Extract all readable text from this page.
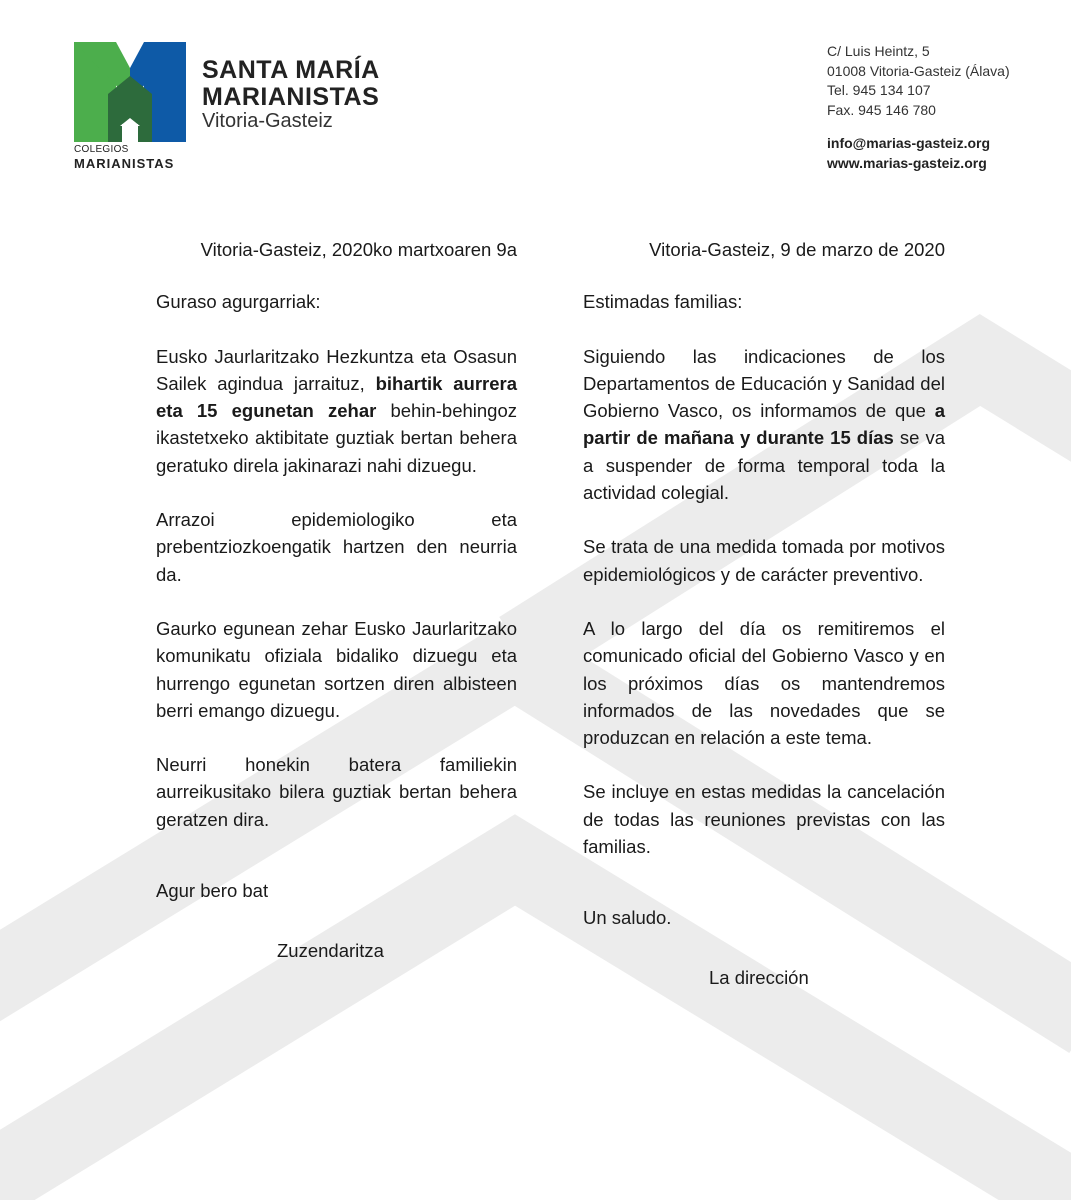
COLEGIOS
MARIANISTAS
SANTA MARÍA
MARIANISTAS
Vitoria-Gasteiz
C/ Luis Heintz, 5
01008 Vitoria-Gasteiz (Álava)
Tel. 945 134 107
Fax. 945 146 780
info@marias-gasteiz.org
www.marias-gasteiz.org
Vitoria-Gasteiz, 2020ko martxoaren 9a
Guraso agurgarriak:
Eusko Jaurlaritzako Hezkuntza eta Osasun Sailek agindua jarraituz, bihartik aurrera eta 15 egunetan zehar behin-behingoz ikastetxeko aktibitate guztiak bertan behera geratuko direla jakinarazi nahi dizuegu.
Arrazoi epidemiologiko eta prebentziozkoengatik hartzen den neurria da.
Gaurko egunean zehar Eusko Jaurlaritzako komunikatu ofiziala bidaliko dizuegu eta hurrengo egunetan sortzen diren albisteen berri emango dizuegu.
Neurri honekin batera familiekin aurreikusitako bilera guztiak bertan behera geratzen dira.
Agur bero bat
Zuzendaritza
Vitoria-Gasteiz, 9 de marzo de 2020
Estimadas familias:
Siguiendo las indicaciones de los Departamentos de Educación y Sanidad del Gobierno Vasco, os informamos de que a partir de mañana y durante 15 días se va a suspender de forma temporal toda la actividad colegial.
Se trata de una medida tomada por motivos epidemiológicos y de carácter preventivo.
A lo largo del día os remitiremos el comunicado oficial del Gobierno Vasco y en los próximos días os mantendremos informados de las novedades que se produzcan en relación a este tema.
Se incluye en estas medidas la cancelación de todas las reuniones previstas con las familias.
Un saludo.
La dirección
